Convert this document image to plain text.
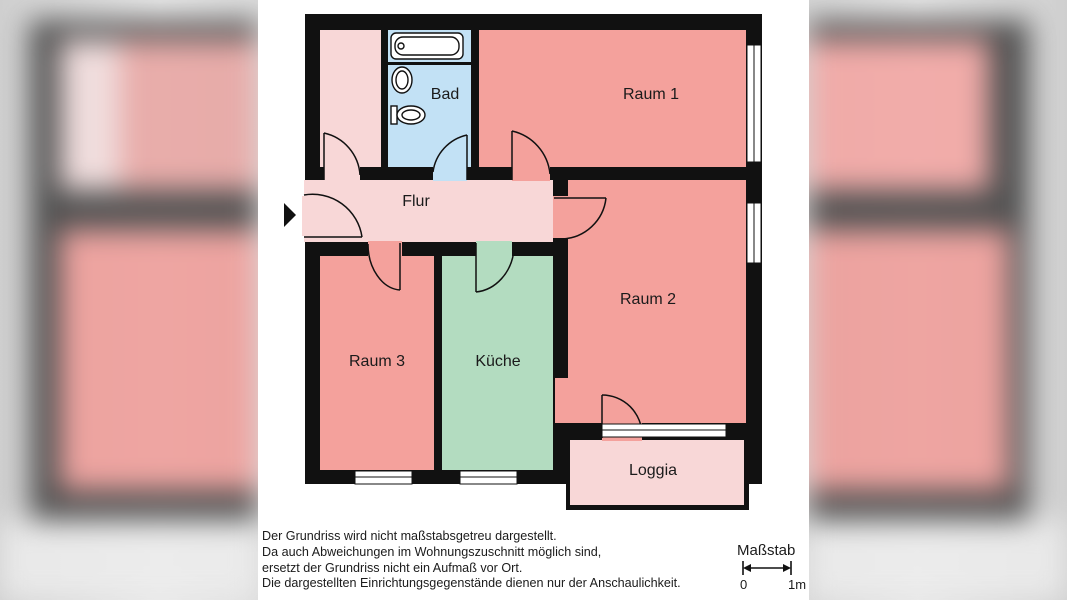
Bad	Raum 1
Flur
Raum 2
Raum 3	Küche
Loggia
Der Grundriss wird nicht maßstabsgetreu dargestellt.
Da auch Abweichungen im Wohnungszuschnitt möglich sind,
ersetzt der Grundriss nicht ein Aufmaß vor Ort.
Die dargestellten Einrichtungsgegenstände dienen nur der Anschaulichkeit.
Maßstab
0	1m
